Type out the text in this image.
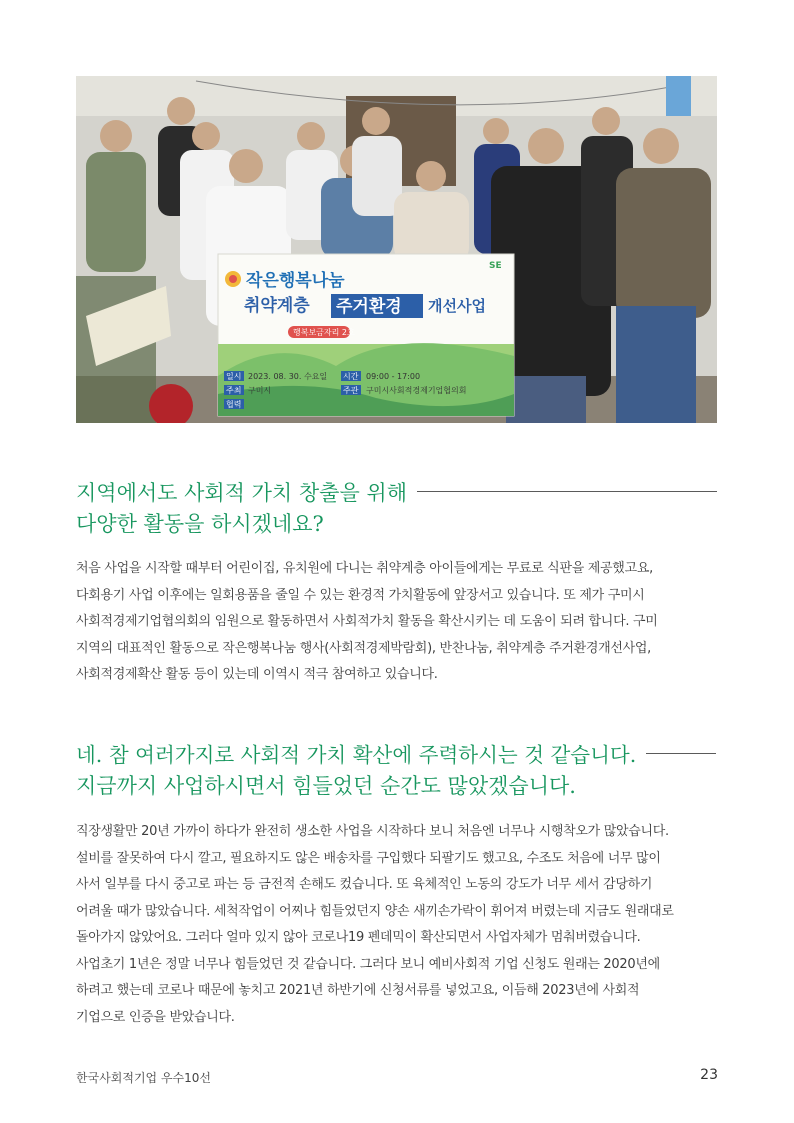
작은행복나눔
취약계층 주거환경 개선사업
행복보금자리 2호
SE
일시 2023. 08. 30. 수요일 시간 09:00 - 17:00
주최 구미시	주관 구미시사회적경제기업협의회
협력
지역에서도 사회적 가치 창출을 위해
다양한 활동을 하시겠네요?
처음 사업을 시작할 때부터 어린이집, 유치원에 다니는 취약계층 아이들에게는 무료로 식판을 제공했고요,
다회용기 사업 이후에는 일회용품을 줄일 수 있는 환경적 가치활동에 앞장서고 있습니다. 또 제가 구미시
사회적경제기업협의회의 임원으로 활동하면서 사회적가치 활동을 확산시키는 데 도움이 되려 합니다. 구미
지역의 대표적인 활동으로 작은행복나눔 행사(사회적경제박람회), 반찬나눔, 취약계층 주거환경개선사업,
사회적경제확산 활동 등이 있는데 이역시 적극 참여하고 있습니다.
네. 참 여러가지로 사회적 가치 확산에 주력하시는 것 같습니다.
지금까지 사업하시면서 힘들었던 순간도 많았겠습니다.
직장생활만 20년 가까이 하다가 완전히 생소한 사업을 시작하다 보니 처음엔 너무나 시행착오가 많았습니다.
설비를 잘못하여 다시 깔고, 필요하지도 않은 배송차를 구입했다 되팔기도 했고요, 수조도 처음에 너무 많이
사서 일부를 다시 중고로 파는 등 금전적 손해도 컸습니다. 또 육체적인 노동의 강도가 너무 세서 감당하기
어려울 때가 많았습니다. 세척작업이 어찌나 힘들었던지 양손 새끼손가락이 휘어져 버렸는데 지금도 원래대로
돌아가지 않았어요. 그러다 얼마 있지 않아 코로나19 펜데믹이 확산되면서 사업자체가 멈춰버렸습니다.
사업초기 1년은 정말 너무나 힘들었던 것 같습니다. 그러다 보니 예비사회적 기업 신청도 원래는 2020년에
하려고 했는데 코로나 때문에 놓치고 2021년 하반기에 신청서류를 넣었고요, 이듬해 2023년에 사회적
기업으로 인증을 받았습니다.
한국사회적기업 우수10선	23
